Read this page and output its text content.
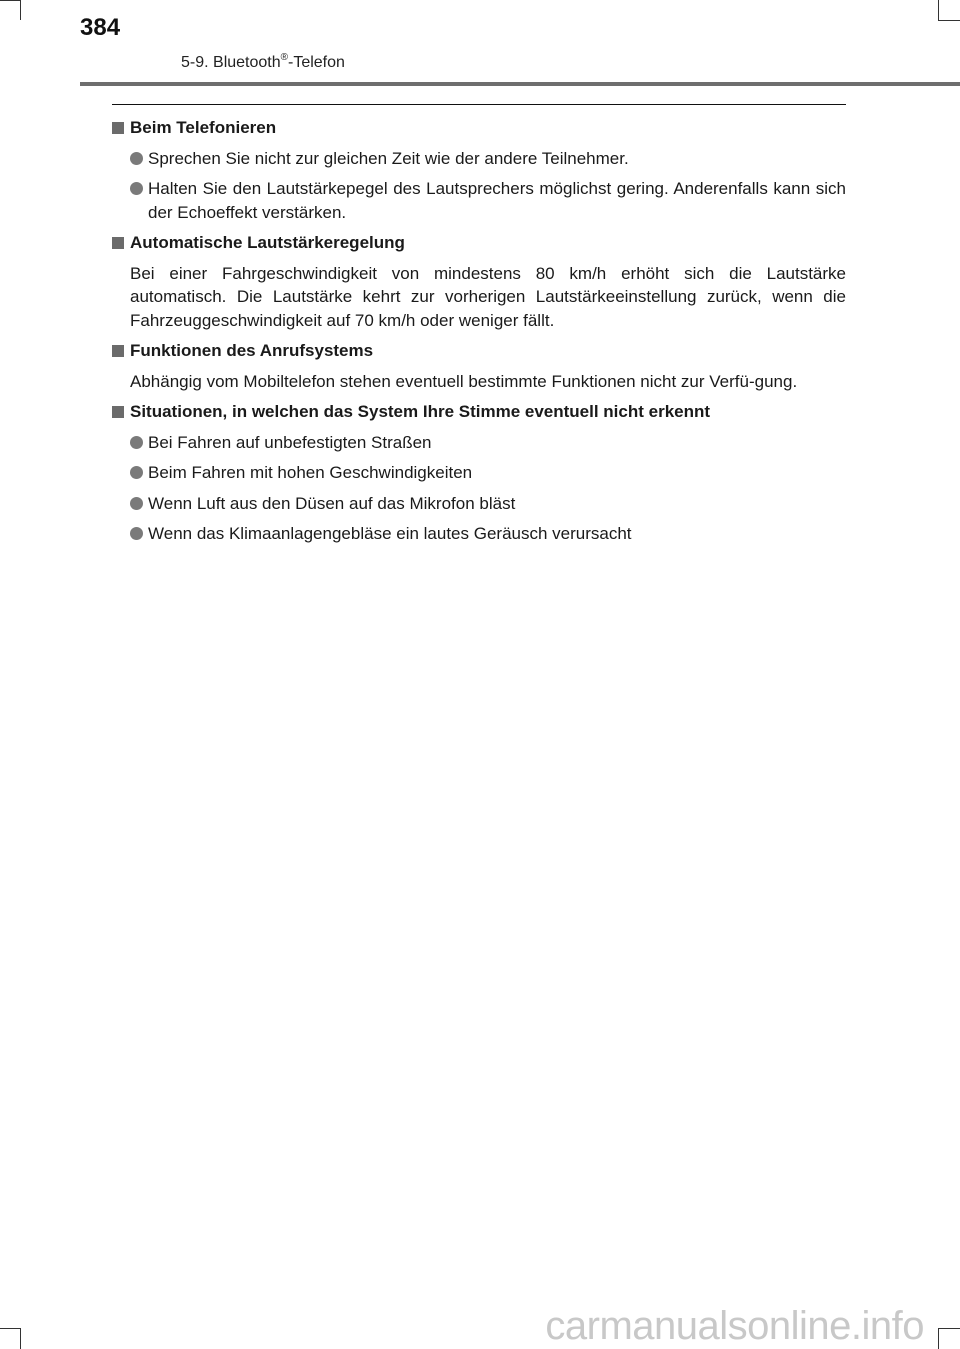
384
5-9. Bluetooth®-Telefon
Beim Telefonieren
Sprechen Sie nicht zur gleichen Zeit wie der andere Teilnehmer.
Halten Sie den Lautstärkepegel des Lautsprechers möglichst gering. Anderenfalls kann sich der Echoeffekt verstärken.
Automatische Lautstärkeregelung
Bei einer Fahrgeschwindigkeit von mindestens 80 km/h erhöht sich die Lautstärke automatisch. Die Lautstärke kehrt zur vorherigen Lautstärkeeinstellung zurück, wenn die Fahrzeuggeschwindigkeit auf 70 km/h oder weniger fällt.
Funktionen des Anrufsystems
Abhängig vom Mobiltelefon stehen eventuell bestimmte Funktionen nicht zur Verfü-gung.
Situationen, in welchen das System Ihre Stimme eventuell nicht erkennt
Bei Fahren auf unbefestigten Straßen
Beim Fahren mit hohen Geschwindigkeiten
Wenn Luft aus den Düsen auf das Mikrofon bläst
Wenn das Klimaanlagengebläse ein lautes Geräusch verursacht
carmanualsonline.info
